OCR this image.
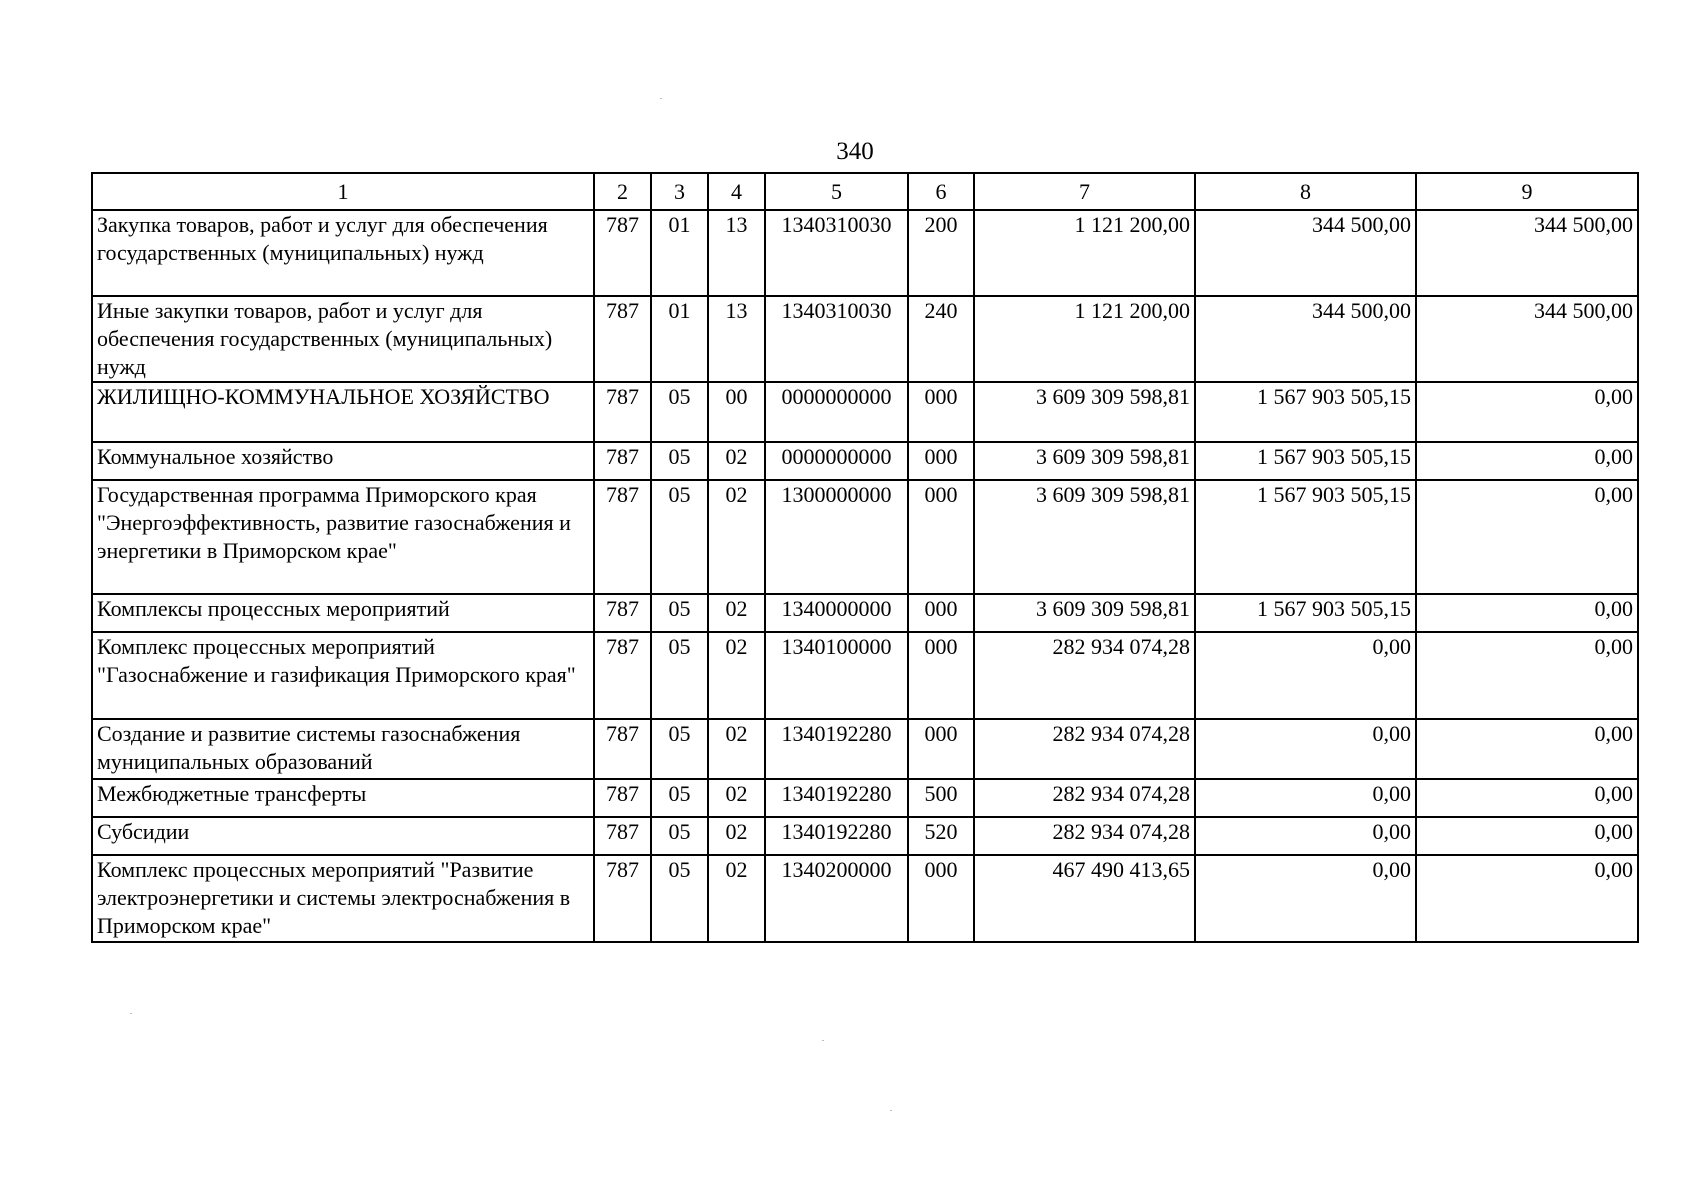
340
1	2	3	4	5	6	7	8	9
Закупка товаров, работ и услуг для обеспечения государственных (муниципальных) нужд	787	01	13	1340310030	200	1 121 200,00	344 500,00	344 500,00
Иные закупки товаров, работ и услуг для обеспечения государственных (муниципальных) нужд	787	01	13	1340310030	240	1 121 200,00	344 500,00	344 500,00
ЖИЛИЩНО-КОММУНАЛЬНОЕ ХОЗЯЙСТВО	787	05	00	0000000000	000	3 609 309 598,81	1 567 903 505,15	0,00
Коммунальное хозяйство	787	05	02	0000000000	000	3 609 309 598,81	1 567 903 505,15	0,00
Государственная программа Приморского края "Энергоэффективность, развитие газоснабжения и энергетики в Приморском крае"	787	05	02	1300000000	000	3 609 309 598,81	1 567 903 505,15	0,00
Комплексы процессных мероприятий	787	05	02	1340000000	000	3 609 309 598,81	1 567 903 505,15	0,00
Комплекс процессных мероприятий "Газоснабжение и газификация Приморского края"	787	05	02	1340100000	000	282 934 074,28	0,00	0,00
Создание и развитие системы газоснабжения муниципальных образований	787	05	02	1340192280	000	282 934 074,28	0,00	0,00
Межбюджетные трансферты	787	05	02	1340192280	500	282 934 074,28	0,00	0,00
Субсидии	787	05	02	1340192280	520	282 934 074,28	0,00	0,00
Комплекс процессных мероприятий "Развитие электроэнергетики и системы электроснабжения в Приморском крае"	787	05	02	1340200000	000	467 490 413,65	0,00	0,00
